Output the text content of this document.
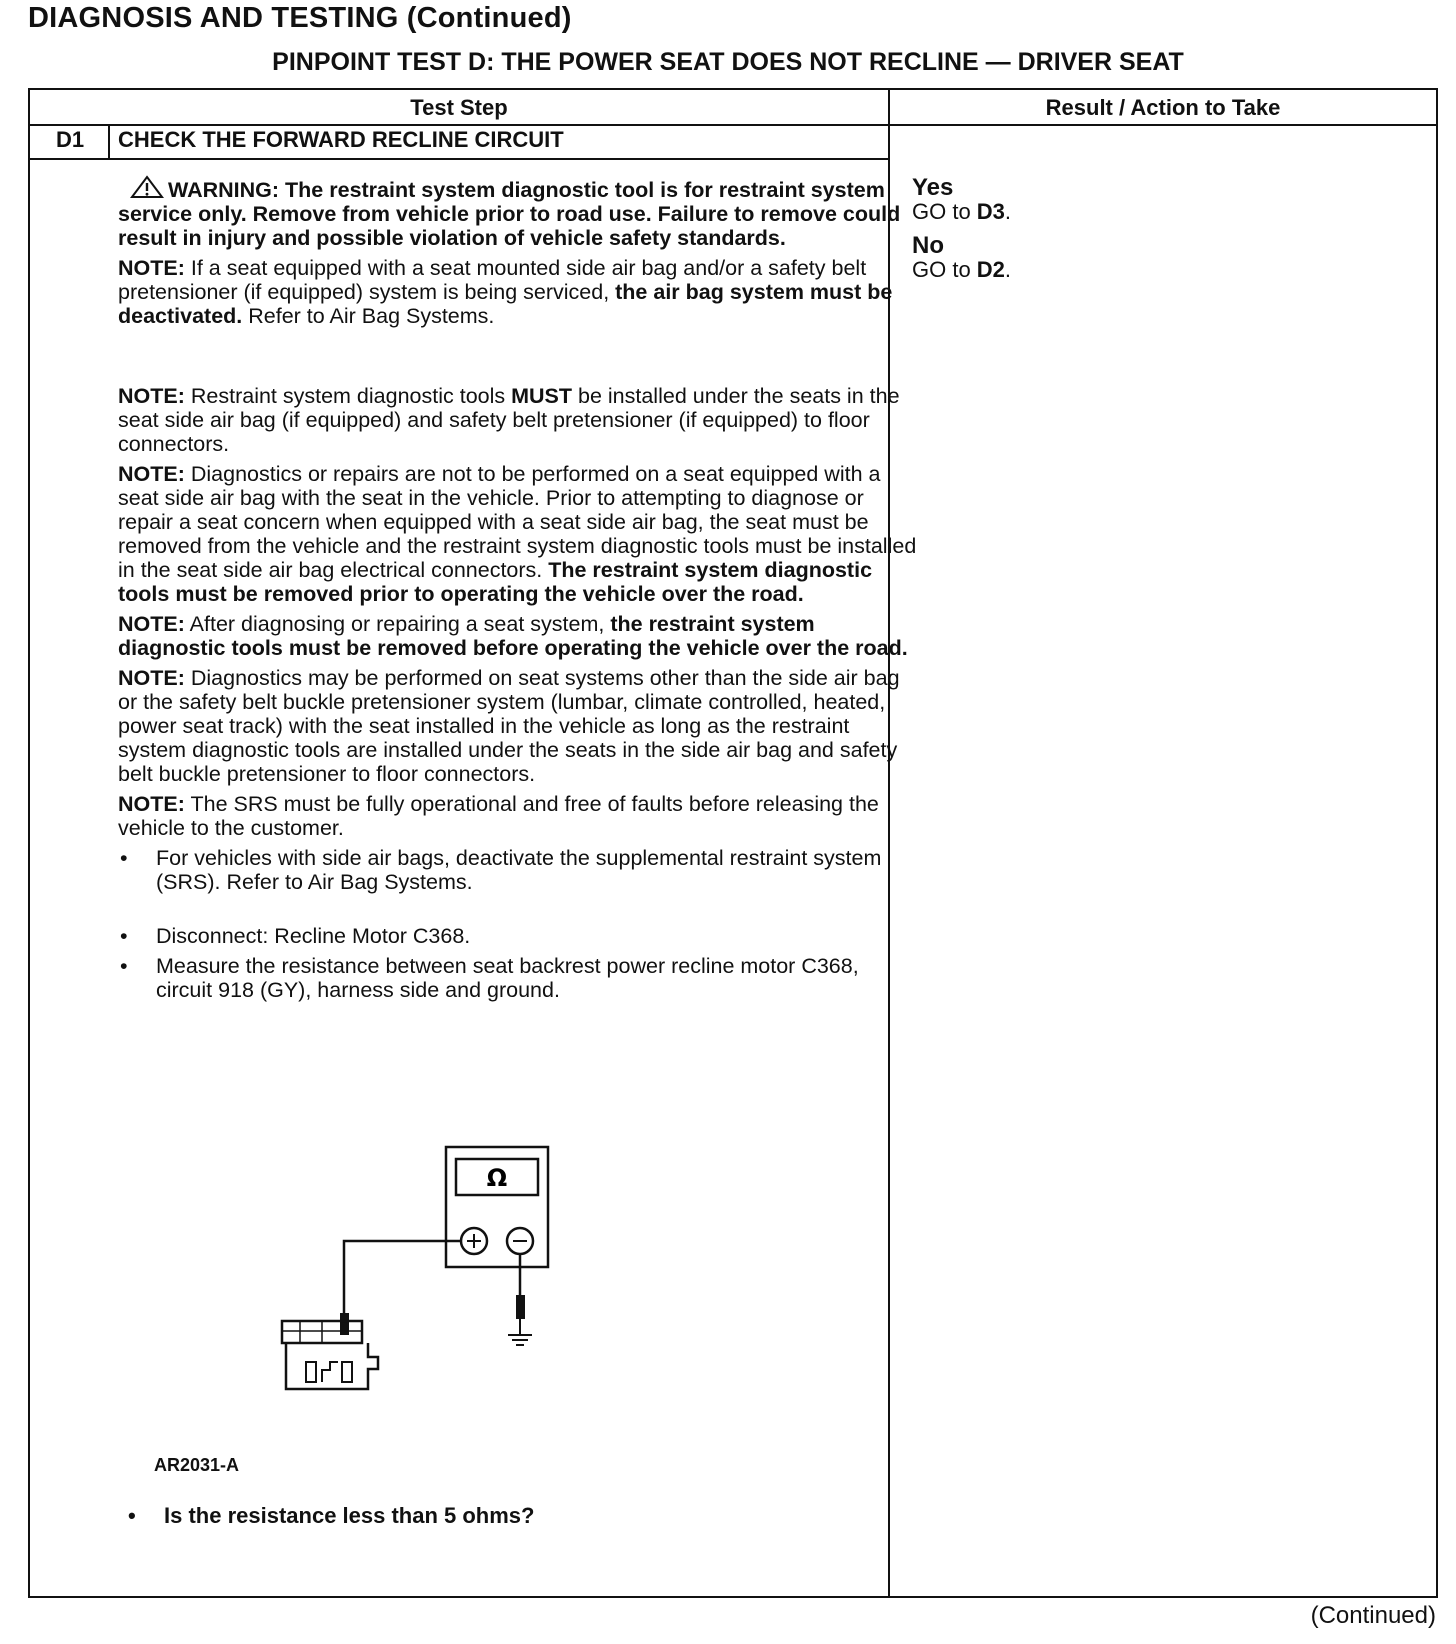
DIAGNOSIS AND TESTING (Continued)
PINPOINT TEST D: THE POWER SEAT DOES NOT RECLINE — DRIVER SEAT
Test Step	Result / Action to Take
D1	CHECK THE FORWARD RECLINE CIRCUIT

WARNING: The restraint system diagnostic tool is for restraint system service only. Remove from vehicle prior to road use. Failure to remove could result in injury and possible violation of vehicle safety standards.

NOTE: If a seat equipped with a seat mounted side air bag and/or a safety belt pretensioner (if equipped) system is being serviced, the air bag system must be deactivated. Refer to Air Bag Systems.

NOTE: Restraint system diagnostic tools MUST be installed under the seats in the seat side air bag (if equipped) and safety belt pretensioner (if equipped) to floor connectors.

NOTE: Diagnostics or repairs are not to be performed on a seat equipped with a seat side air bag with the seat in the vehicle. Prior to attempting to diagnose or repair a seat concern when equipped with a seat side air bag, the seat must be removed from the vehicle and the restraint system diagnostic tools must be installed in the seat side air bag electrical connectors. The restraint system diagnostic tools must be removed prior to operating the vehicle over the road.

NOTE: After diagnosing or repairing a seat system, the restraint system diagnostic tools must be removed before operating the vehicle over the road.

NOTE: Diagnostics may be performed on seat systems other than the side air bag or the safety belt buckle pretensioner system (lumbar, climate controlled, heated, power seat track) with the seat installed in the vehicle as long as the restraint system diagnostic tools are installed under the seats in the side air bag and safety belt buckle pretensioner to floor connectors.

NOTE: The SRS must be fully operational and free of faults before releasing the vehicle to the customer.

• For vehicles with side air bags, deactivate the supplemental restraint system (SRS). Refer to Air Bag Systems.

• Disconnect: Recline Motor C368.

• Measure the resistance between seat backrest power recline motor C368, circuit 918 (GY), harness side and ground.

Ω
AR2031-A

• Is the resistance less than 5 ohms?

Yes
GO to D3.
No
GO to D2.
(Continued)
